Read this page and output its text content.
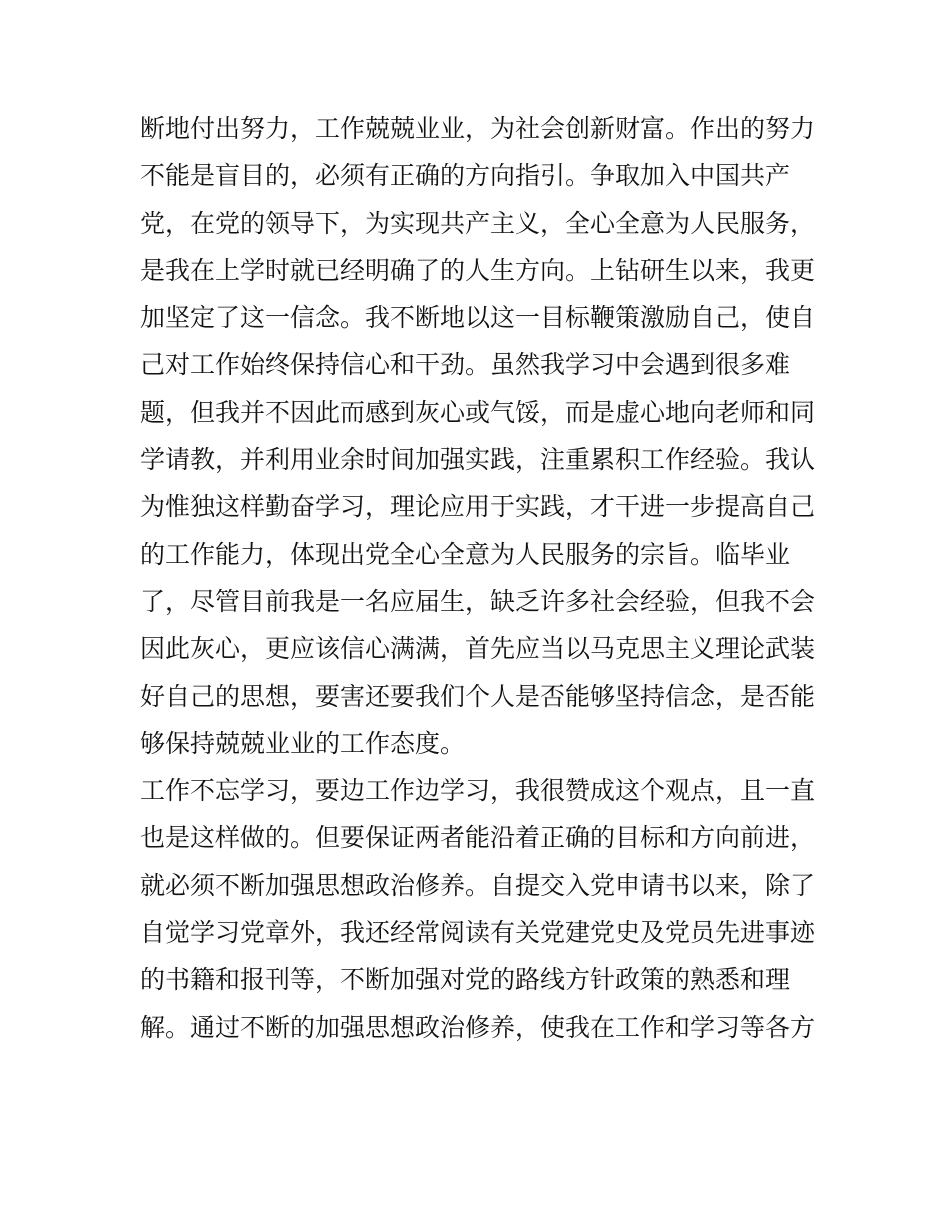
断地付出努力，工作兢兢业业，为社会创新财富。作出的努力
不能是盲目的，必须有正确的方向指引。争取加入中国共产
党，在党的领导下，为实现共产主义，全心全意为人民服务，
是我在上学时就已经明确了的人生方向。上钻研生以来，我更
加坚定了这一信念。我不断地以这一目标鞭策激励自己，使自
己对工作始终保持信心和干劲。虽然我学习中会遇到很多难
题，但我并不因此而感到灰心或气馁，而是虚心地向老师和同
学请教，并利用业余时间加强实践，注重累积工作经验。我认
为惟独这样勤奋学习，理论应用于实践，才干进一步提高自己
的工作能力，体现出党全心全意为人民服务的宗旨。临毕业
了，尽管目前我是一名应届生，缺乏许多社会经验，但我不会
因此灰心，更应该信心满满，首先应当以马克思主义理论武装
好自己的思想，要害还要我们个人是否能够坚持信念，是否能
够保持兢兢业业的工作态度。
工作不忘学习，要边工作边学习，我很赞成这个观点，且一直
也是这样做的。但要保证两者能沿着正确的目标和方向前进，
就必须不断加强思想政治修养。自提交入党申请书以来，除了
自觉学习党章外，我还经常阅读有关党建党史及党员先进事迹
的书籍和报刊等，不断加强对党的路线方针政策的熟悉和理
解。通过不断的加强思想政治修养，使我在工作和学习等各方
